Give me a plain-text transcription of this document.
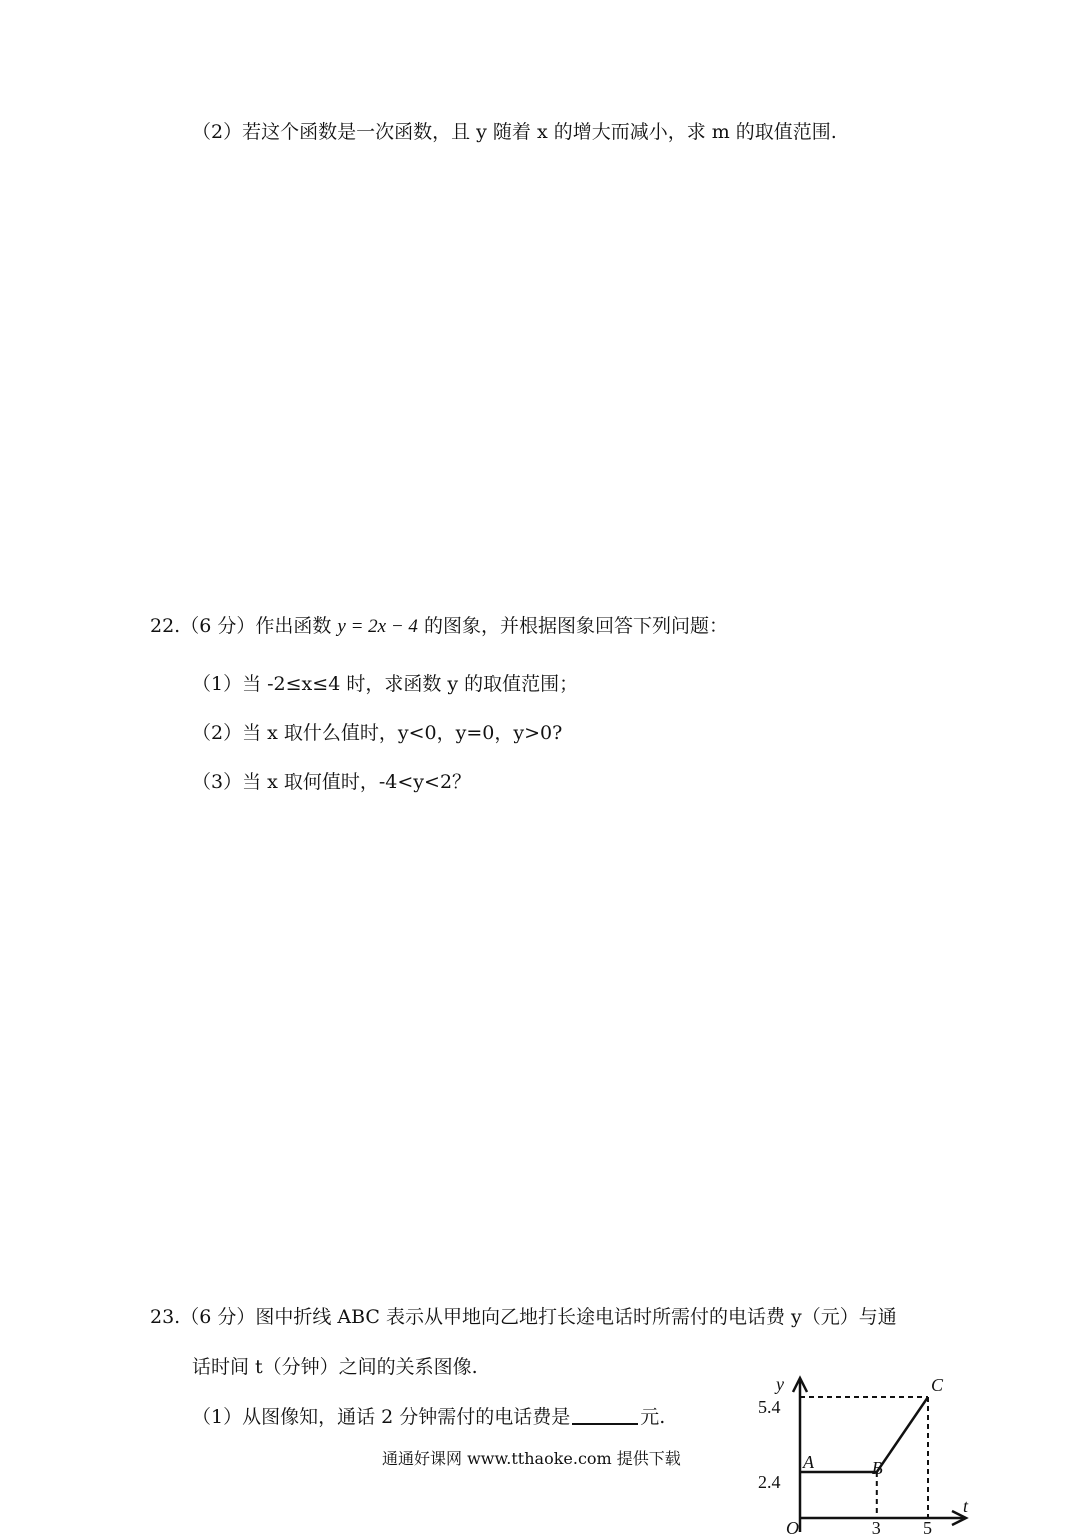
（2）若这个函数是一次函数，且 y 随着 x 的增大而减小，求 m 的取值范围.
22.（6 分）作出函数 y = 2x − 4 的图象，并根据图象回答下列问题：
（1）当 -2≤x≤4 时，求函数 y 的取值范围；
（2）当 x 取什么值时，y<0，y=0，y>0?
（3）当 x 取何值时，-4<y<2？
23.（6 分）图中折线 ABC 表示从甲地向乙地打长途电话时所需付的电话费 y（元）与通
话时间 t（分钟）之间的关系图像.
（1）从图像知，通话 2 分钟需付的电话费是	元.
通通好课网 www.tthaoke.com 提供下载	A	B
C
5.4
2.4
3 5
y
t
O
